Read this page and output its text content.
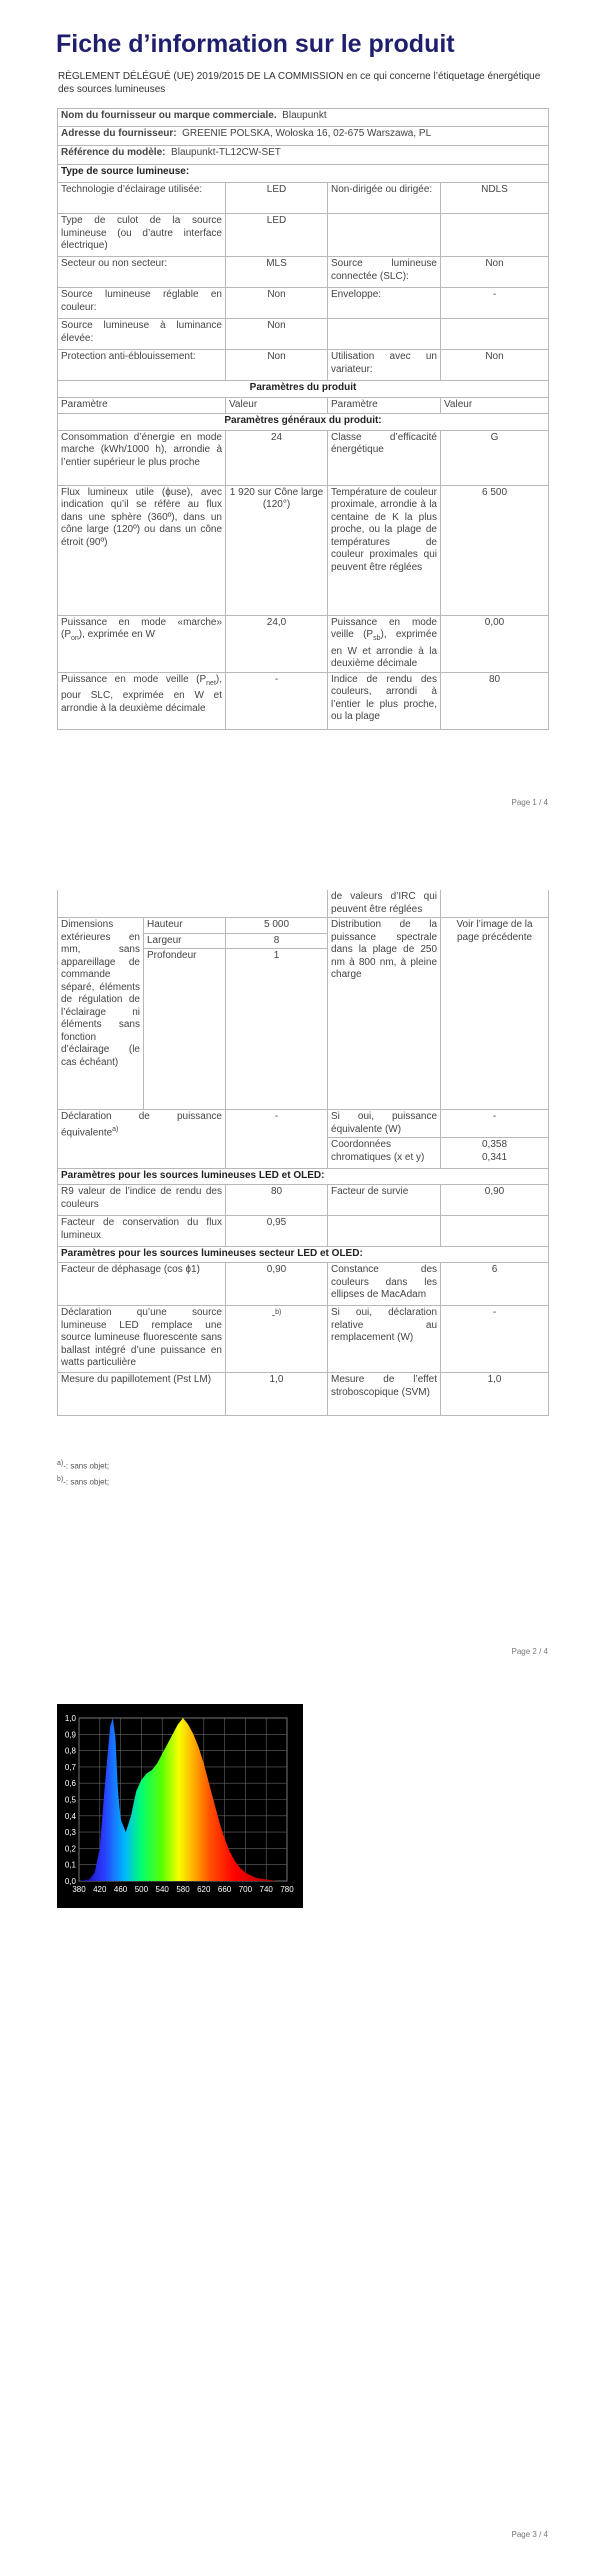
Fiche d’information sur le produit
RÈGLEMENT DÉLÉGUÉ (UE) 2019/2015 DE LA COMMISSION en ce qui concerne l’étiquetage énergétique des sources lumineuses
Nom du fournisseur ou marque commerciale. Blaupunkt			
Adresse du fournisseur: GREENIE POLSKA, Wołoska 16, 02-675 Warszawa, PL			
Référence du modèle: Blaupunkt-TL12CW-SET			
Type de source lumineuse:			
Technologie d’éclairage utilisée:	LED	Non-dirigée ou dirigée:	NDLS
Type de culot de la source lumineuse (ou d’autre interface électrique)	LED		
Secteur ou non secteur:	MLS	Source lumineuse connectée (SLC):	Non
Source lumineuse réglable en couleur:	Non	Enveloppe:	-
Source lumineuse à luminance élevée:	Non		
Protection anti-éblouissement:	Non	Utilisation avec un variateur:	Non
Paramètres du produit			
Paramètre	Valeur	Paramètre	Valeur
Paramètres généraux du produit:			
Consommation d’énergie en mode marche (kWh/1000 h), arrondie à l’entier supérieur le plus proche	24	Classe d’efficacité énergétique	G
Flux lumineux utile (ɸuse), avec indication qu’il se réfère au flux dans une sphère (360º), dans un cône large (120º) ou dans un cône étroit (90º)	1 920 sur Cône large (120°)	Température de couleur proximale, arrondie à la centaine de K la plus proche, ou la plage de températures de couleur proximales qui peuvent être réglées	6 500
Puissance en mode «marche» $(P_{on})$, exprimée en W	24,0	Puissance en mode veille $(P_{sb})$, exprimée en W et arrondie à la deuxième décimale	0,00
Puissance en mode veille $(P_{net})$, pour SLC, exprimée en W et arrondie à la deuxième décimale	-	Indice de rendu des couleurs, arrondi à l’entier le plus proche, ou la plage	80
Page 1 / 4
			de valeurs d’IRC qui peuvent être réglées	
Dimensions extérieures en mm, sans appareillage de commande séparé, éléments de régulation de l’éclairage ni éléments sans fonction d’éclairage (le cas échéant)	Hauteur	5 000	Distribution de la puissance spectrale dans la plage de 250 nm à 800 nm, à pleine charge	Voir l’image de la page précédente
	Largeur	8		
	Profondeur	1		
Déclaration de puissance équivalente$^{a)}$		-	Si oui, puissance équivalente (W)	-
			Coordonnées chromatiques (x et y)	0,358
0,341
Paramètres pour les sources lumineuses LED et OLED:				
R9 valeur de l’indice de rendu des couleurs		80	Facteur de survie	0,90
Facteur de conservation du flux lumineux		0,95		
Paramètres pour les sources lumineuses secteur LED et OLED:				
Facteur de déphasage (cos ɸ1)		0,90	Constance des couleurs dans les ellipses de MacAdam	6
Déclaration qu’une source lumineuse LED remplace une source lumineuse fluorescente sans ballast intégré d’une puissance en watts particulière		-$^{b)}$	Si oui, déclaration relative au remplacement (W)	-
Mesure du papillotement (Pst LM)		1,0	Mesure de l’effet stroboscopique (SVM)	1,0
$^{a)}$-: sans objet;
$^{b)}$-: sans objet;
Page 2 / 4
0,0
0,1
0,2
0,3
0,4
0,5
0,6
0,7
0,8
0,9
1,0
380 420 460 500 540 580 620 660 700 740 780
Page 3 / 4
